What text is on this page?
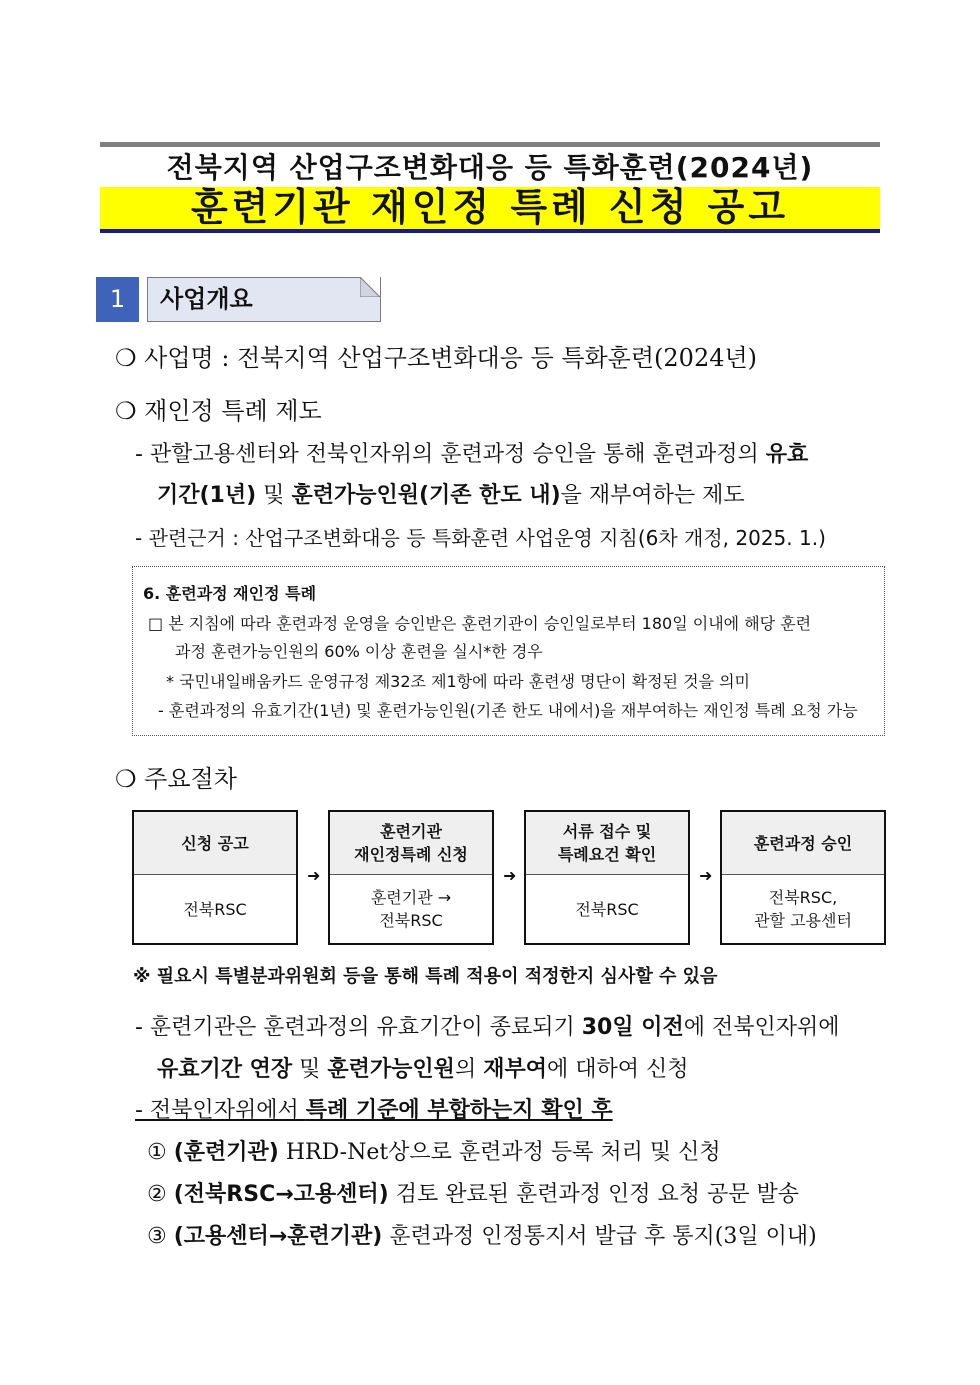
전북지역 산업구조변화대응 등 특화훈련(2024년)
훈련기관 재인정 특례 신청 공고
1	사업개요
❍ 사업명 : 전북지역 산업구조변화대응 등 특화훈련(2024년)
❍ 재인정 특례 제도
- 관할고용센터와 전북인자위의 훈련과정 승인을 통해 훈련과정의 유효
기간(1년) 및 훈련가능인원(기존 한도 내)을 재부여하는 제도
- 관련근거 : 산업구조변화대응 등 특화훈련 사업운영 지침(6차 개정, 2025. 1.)
6. 훈련과정 재인정 특례
□ 본 지침에 따라 훈련과정 운영을 승인받은 훈련기관이 승인일로부터 180일 이내에 해당 훈련
과정 훈련가능인원의 60% 이상 훈련을 실시*한 경우
* 국민내일배움카드 운영규정 제32조 제1항에 따라 훈련생 명단이 확정된 것을 의미
- 훈련과정의 유효기간(1년) 및 훈련가능인원(기존 한도 내에서)을 재부여하는 재인정 특례 요청 가능
❍ 주요절차
신청 공고
전북RSC
➜
훈련기관
재인정특례 신청
훈련기관 →
전북RSC
➜
서류 접수 및
특례요건 확인
전북RSC
➜
훈련과정 승인
전북RSC,
관할 고용센터
※ 필요시 특별분과위원회 등을 통해 특례 적용이 적정한지 심사할 수 있음
- 훈련기관은 훈련과정의 유효기간이 종료되기 30일 이전에 전북인자위에
유효기간 연장 및 훈련가능인원의 재부여에 대하여 신청
- 전북인자위에서 특례 기준에 부합하는지 확인 후
① (훈련기관) HRD-Net상으로 훈련과정 등록 처리 및 신청
② (전북RSC→고용센터) 검토 완료된 훈련과정 인정 요청 공문 발송
③ (고용센터→훈련기관) 훈련과정 인정통지서 발급 후 통지(3일 이내)
